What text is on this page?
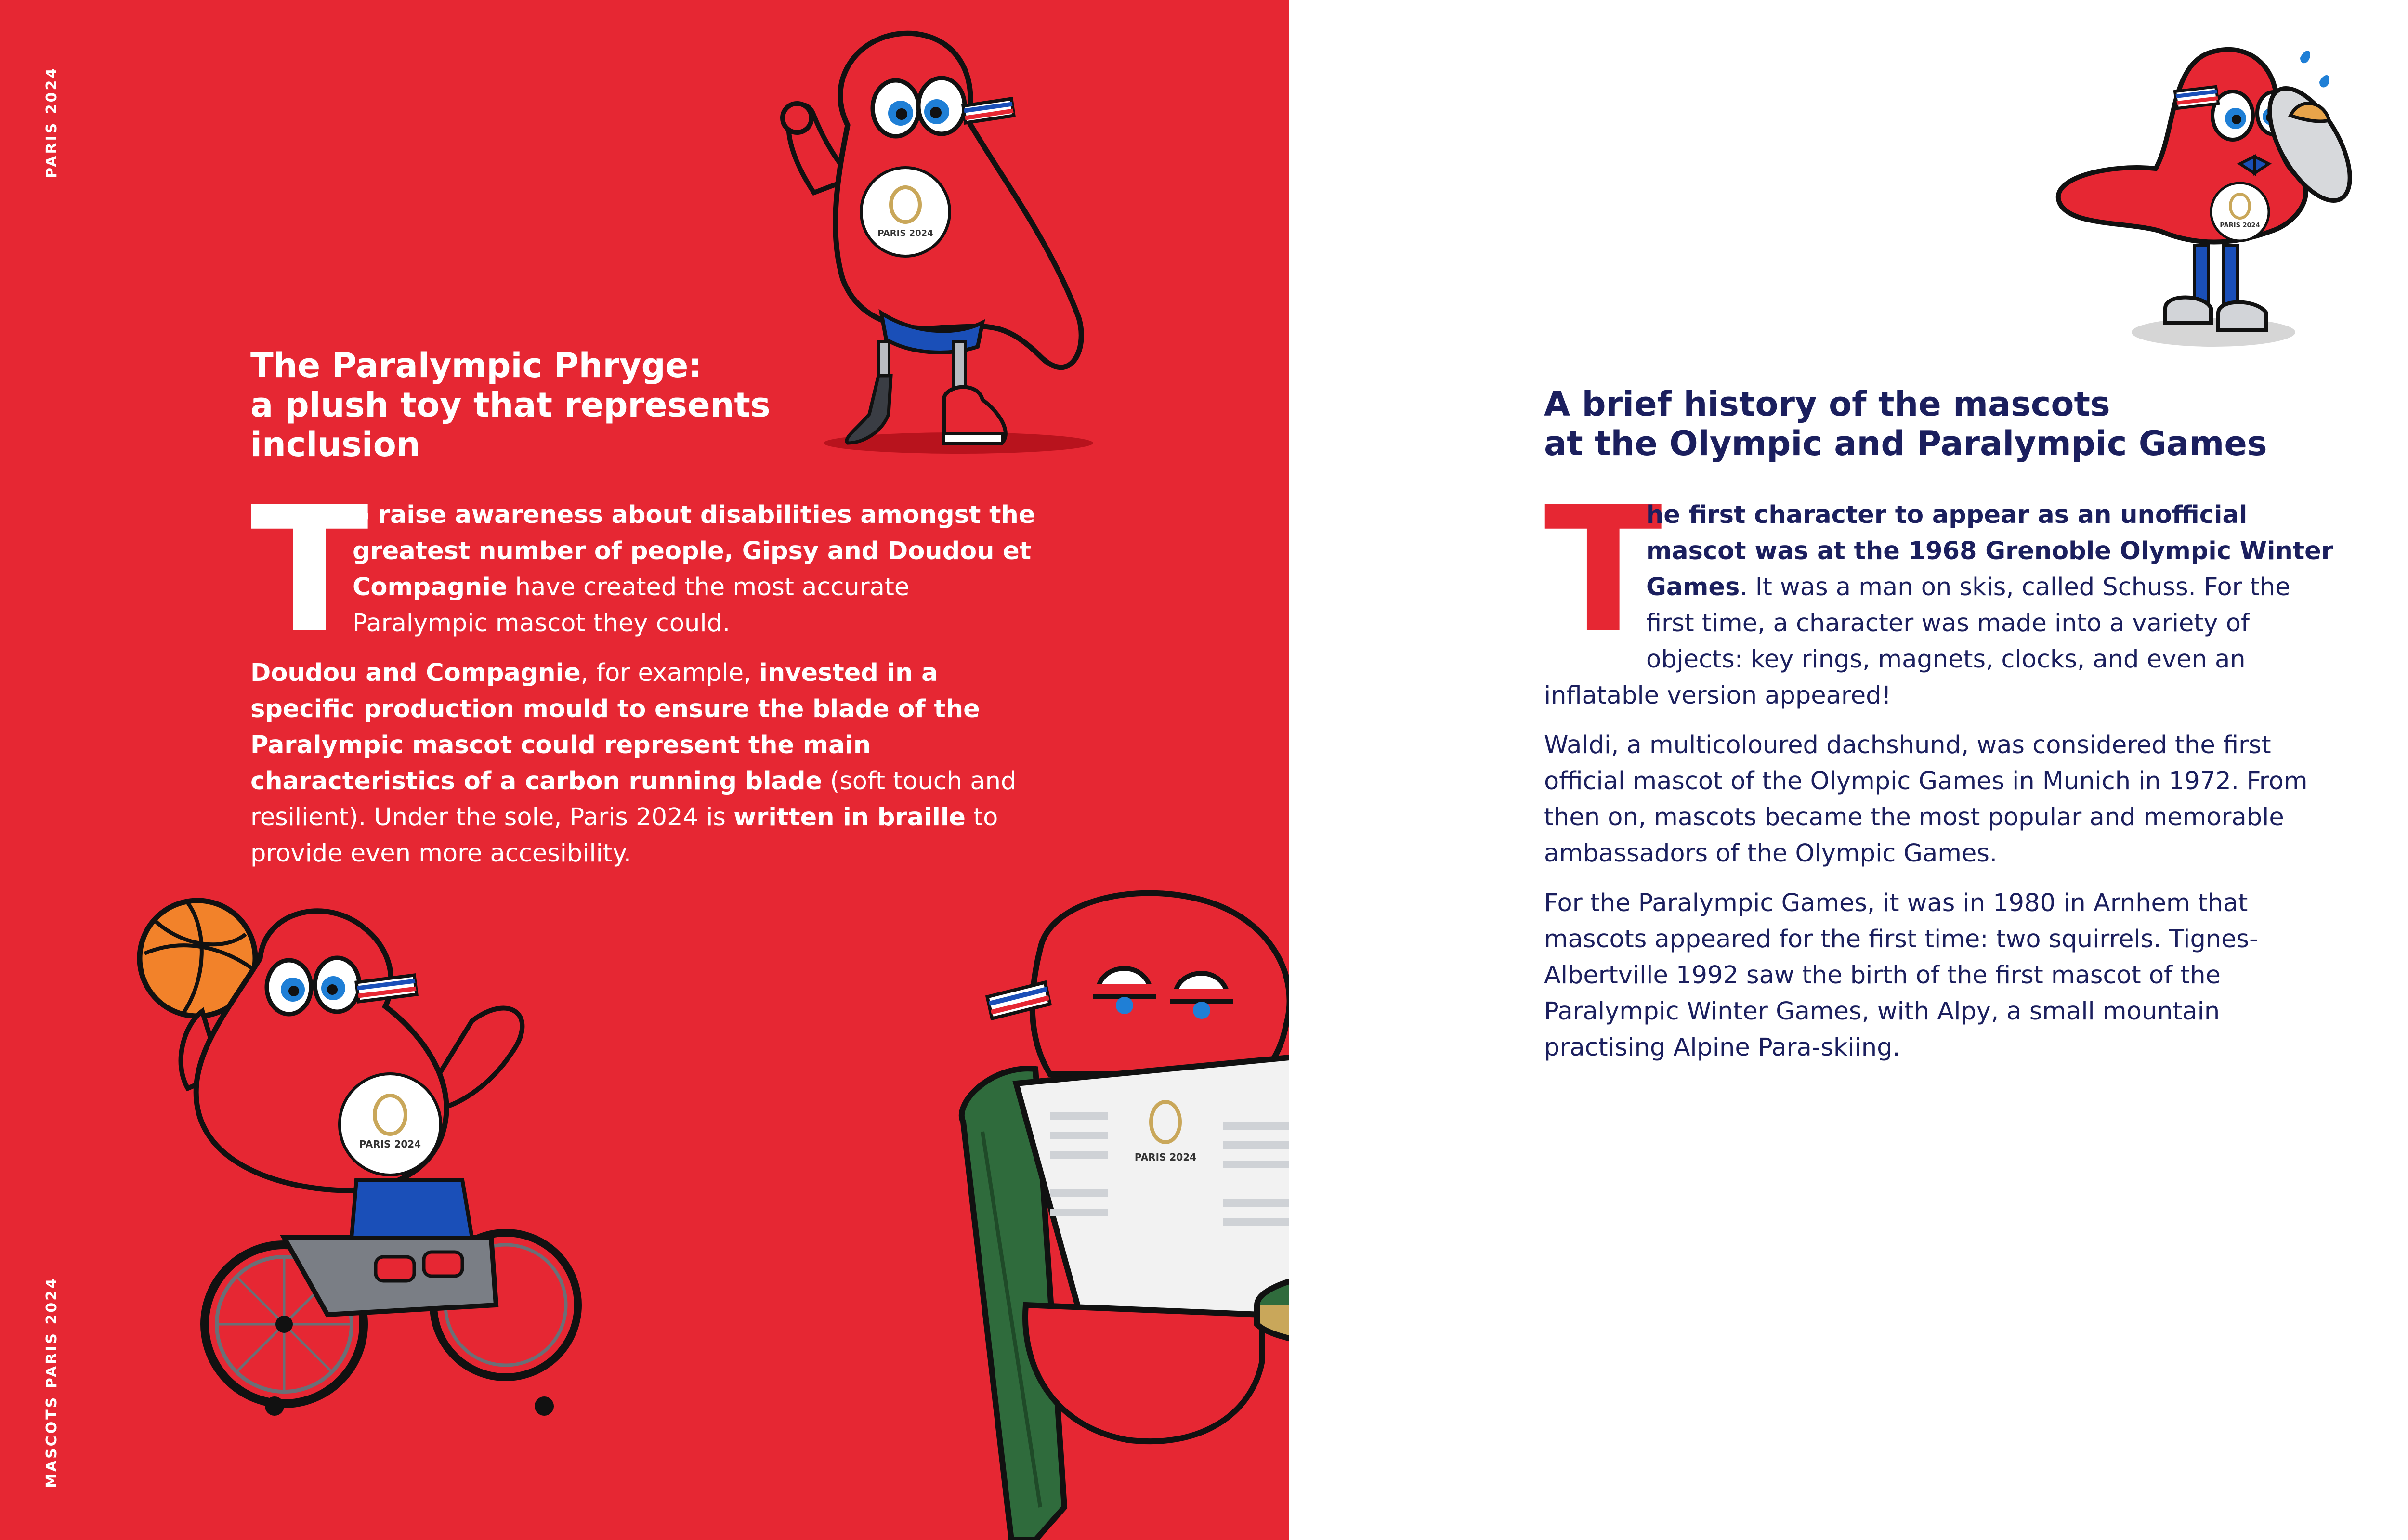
PARIS 2024
MASCOTS PARIS 2024
The Paralympic Phryge:
a plush toy that represents
inclusion

T
o raise awareness about disabilities amongst the greatest number of people, Gipsy and Doudou et Compagnie have created the most accurate Paralympic mascot they could.

Doudou and Compagnie, for example, invested in a specific production mould to ensure the blade of the Paralympic mascot could represent the main characteristics of a carbon running blade (soft touch and resilient). Under the sole, Paris 2024 is written in braille to provide even more accesibility.

PARIS 2024
PARIS 2024
PARIS 2024
A brief history of the mascots
at the Olympic and Paralympic Games

T
he first character to appear as an unofficial mascot was at the 1968 Grenoble Olympic Winter Games. It was a man on skis, called Schuss. For the first time, a character was made into a variety of objects: key rings, magnets, clocks, and even an inflatable version appeared!

Waldi, a multicoloured dachshund, was considered the first official mascot of the Olympic Games in Munich in 1972. From then on, mascots became the most popular and memorable ambassadors of the Olympic Games.

For the Paralympic Games, it was in 1980 in Arnhem that mascots appeared for the first time: two squirrels. Tignes-Albertville 1992 saw the birth of the first mascot of the Paralympic Winter Games, with Alpy, a small mountain practising Alpine Para-skiing.

PARIS 2024
